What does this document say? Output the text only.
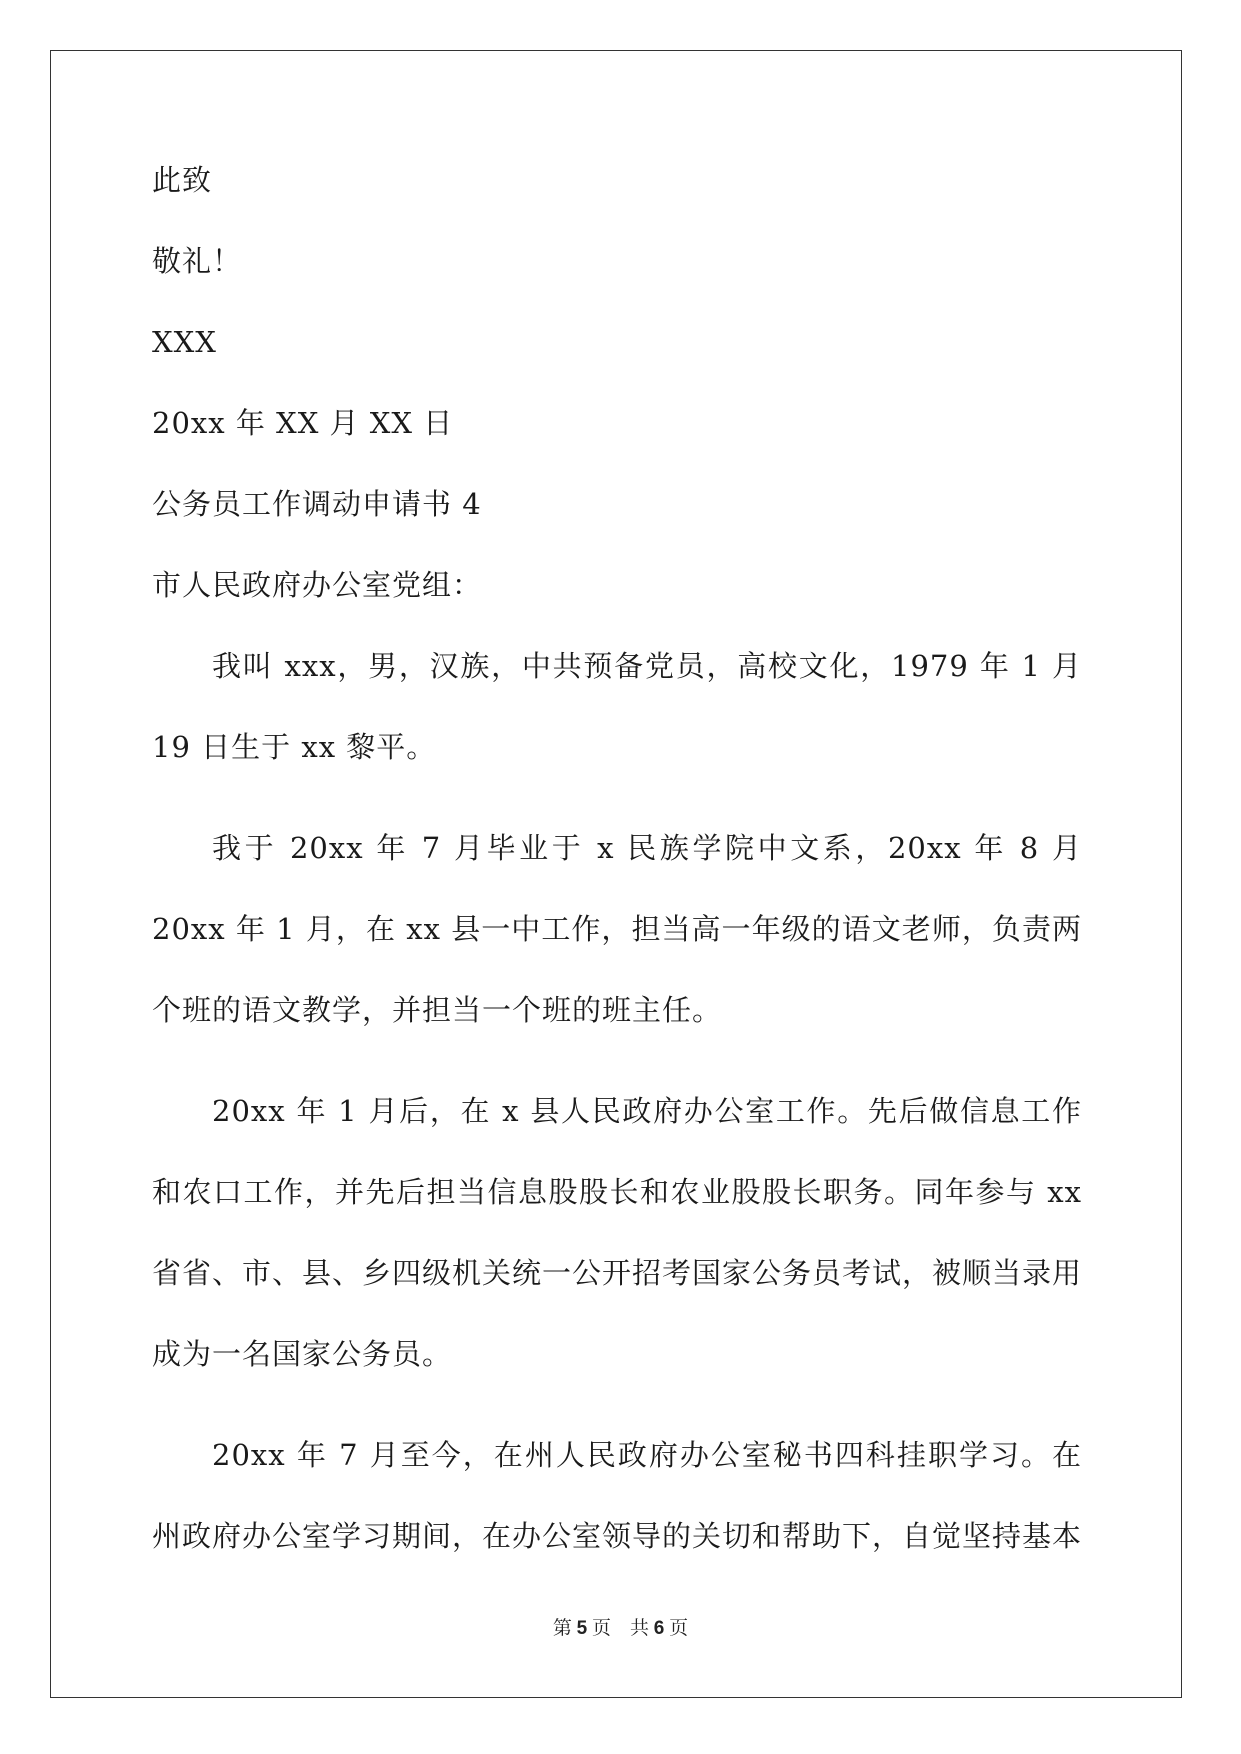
此致
敬礼！
XXX
20xx 年 XX 月 XX 日
公务员工作调动申请书 4
市人民政府办公室党组：

我叫 xxx，男，汉族，中共预备党员，高校文化，1979 年 1 月 19 日生于 xx 黎平。

我于 20xx 年 7 月毕业于 x 民族学院中文系，20xx 年 8 月 20xx 年 1 月，在 xx 县一中工作，担当高一年级的语文老师，负责两个班的语文教学，并担当一个班的班主任。

20xx 年 1 月后，在 x 县人民政府办公室工作。先后做信息工作和农口工作，并先后担当信息股股长和农业股股长职务。同年参与 xx 省省、市、县、乡四级机关统一公开招考国家公务员考试，被顺当录用成为一名国家公务员。

20xx 年 7 月至今，在州人民政府办公室秘书四科挂职学习。在州政府办公室学习期间，在办公室领导的关切和帮助下，自觉坚持基本

第 5 页　共 6 页
